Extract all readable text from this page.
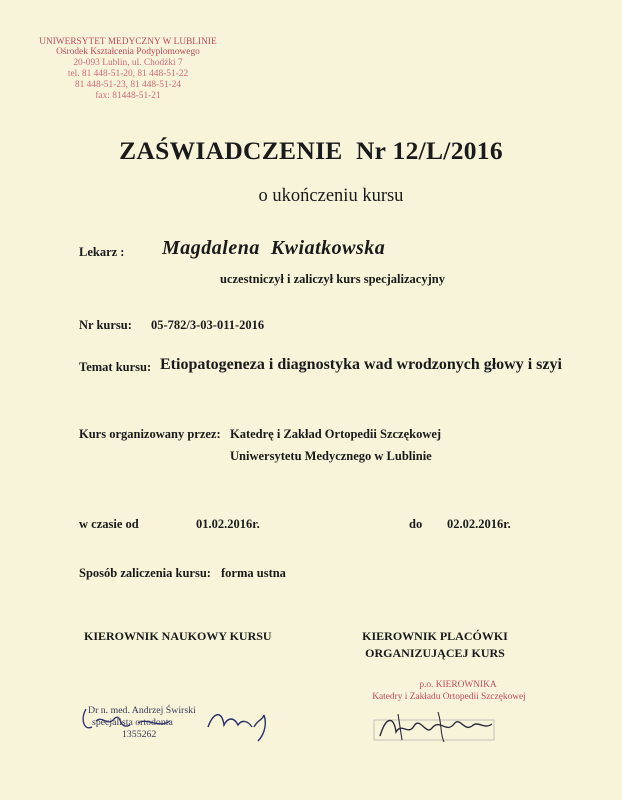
UNIWERSYTET MEDYCZNY W LUBLINIE
Ośrodek Kształcenia Podyplomowego
20-093 Lublin, ul. Chodźki 7
tel. 81 448-51-20, 81 448-51-22
81 448-51-23, 81 448-51-24
fax: 81448-51-21
ZAŚWIADCZENIE  Nr 12/L/2016
o ukończeniu kursu
Lekarz : Magdalena  Kwiatkowska
uczestniczył i zaliczył kurs specjalizacyjny
Nr kursu: 05-782/3-03-011-2016
Temat kursu: Etiopatogeneza i diagnostyka wad wrodzonych głowy i szyi
Kurs organizowany przez: Katedrę i Zakład Ortopedii Szczękowej
Uniwersytetu Medycznego w Lublinie
w czasie od	01.02.2016r.	do 02.02.2016r.
Sposób zaliczenia kursu: forma ustna
KIEROWNIK NAUKOWY KURSU	KIEROWNIK PLACÓWKI
ORGANIZUJĄCEJ KURS
Dr n. med. Andrzej Świrski
specjalista ortodonta
1355262
p.o. KIEROWNIKA
Katedry i Zakładu Ortopedii Szczękowej
